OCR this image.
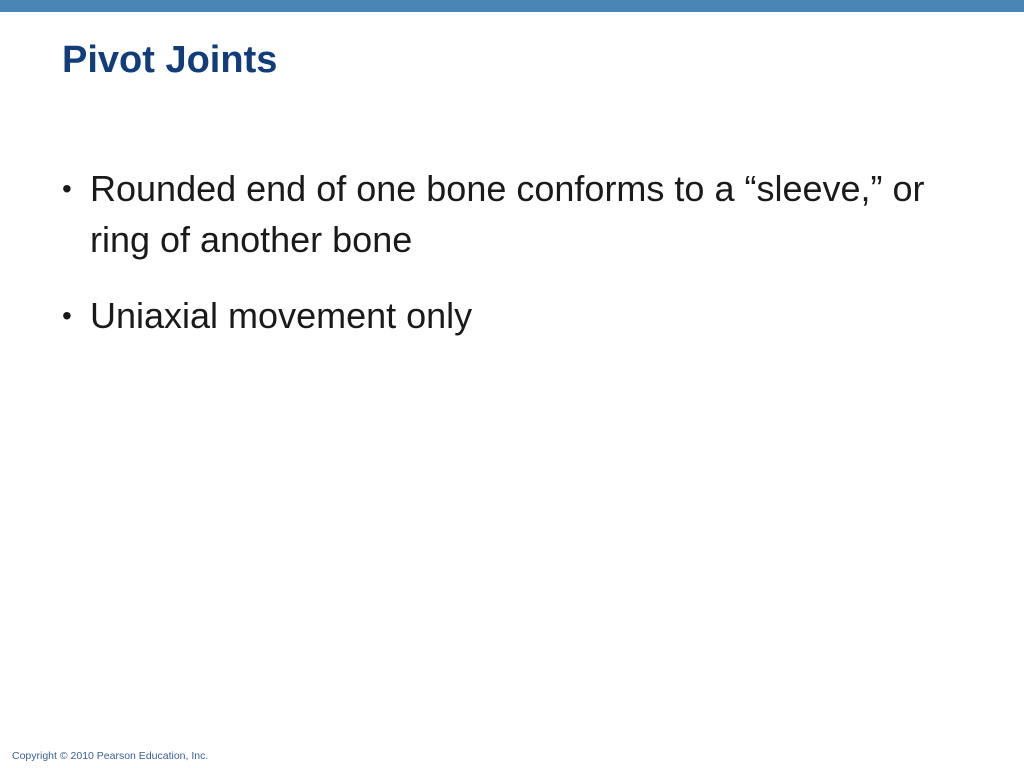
Pivot Joints
• Rounded end of one bone conforms to a “sleeve,” or ring of another bone
• Uniaxial movement only
Copyright © 2010 Pearson Education, Inc.
